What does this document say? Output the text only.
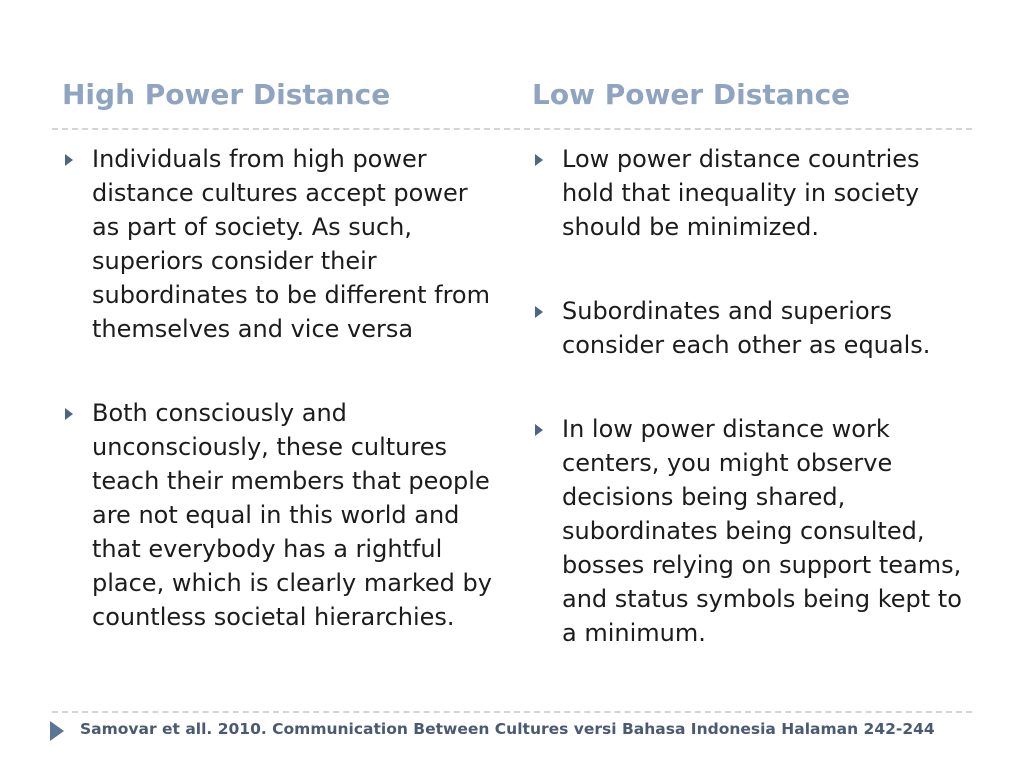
High Power Distance	Low Power Distance

Individuals from high power distance cultures accept power as part of society. As such, superiors consider their subordinates to be different from themselves and vice versa

Both consciously and unconsciously, these cultures teach their members that people are not equal in this world and that everybody has a rightful place, which is clearly marked by countless societal hierarchies.

Low power distance countries hold that inequality in society should be minimized.

Subordinates and superiors consider each other as equals.

In low power distance work centers, you might observe decisions being shared, subordinates being consulted, bosses relying on support teams, and status symbols being kept to a minimum.

Samovar et all. 2010. Communication Between Cultures versi Bahasa Indonesia Halaman 242-244
